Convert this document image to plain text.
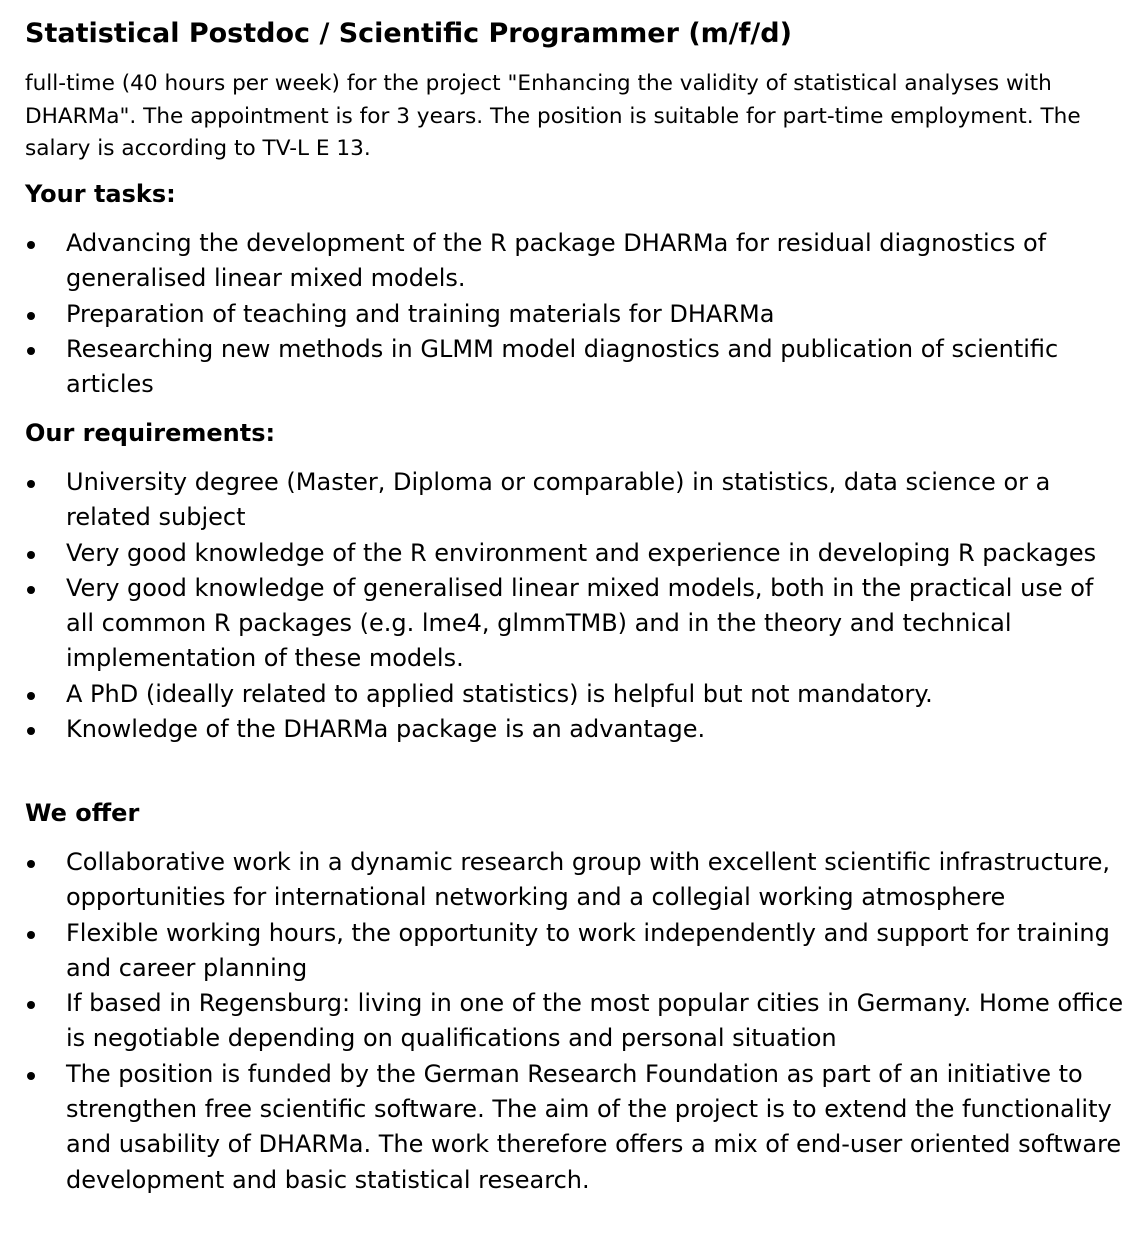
Statistical Postdoc / Scientific Programmer (m/f/d)

full-time (40 hours per week) for the project "Enhancing the validity of statistical analyses with DHARMa". The appointment is for 3 years. The position is suitable for part-time employment. The salary is according to TV-L E 13.

Your tasks:
Advancing the development of the R package DHARMa for residual diagnostics of generalised linear mixed models.
Preparation of teaching and training materials for DHARMa
Researching new methods in GLMM model diagnostics and publication of scientific articles
Our requirements:
University degree (Master, Diploma or comparable) in statistics, data science or a related subject
Very good knowledge of the R environment and experience in developing R packages
Very good knowledge of generalised linear mixed models, both in the practical use of all common R packages (e.g. lme4, glmmTMB) and in the theory and technical implementation of these models.
A PhD (ideally related to applied statistics) is helpful but not mandatory.
Knowledge of the DHARMa package is an advantage.
We offer
Collaborative work in a dynamic research group with excellent scientific infrastructure, opportunities for international networking and a collegial working atmosphere
Flexible working hours, the opportunity to work independently and support for training and career planning
If based in Regensburg: living in one of the most popular cities in Germany. Home office is negotiable depending on qualifications and personal situation
The position is funded by the German Research Foundation as part of an initiative to strengthen free scientific software. The aim of the project is to extend the functionality and usability of DHARMa. The work therefore offers a mix of end-user oriented software development and basic statistical research.
